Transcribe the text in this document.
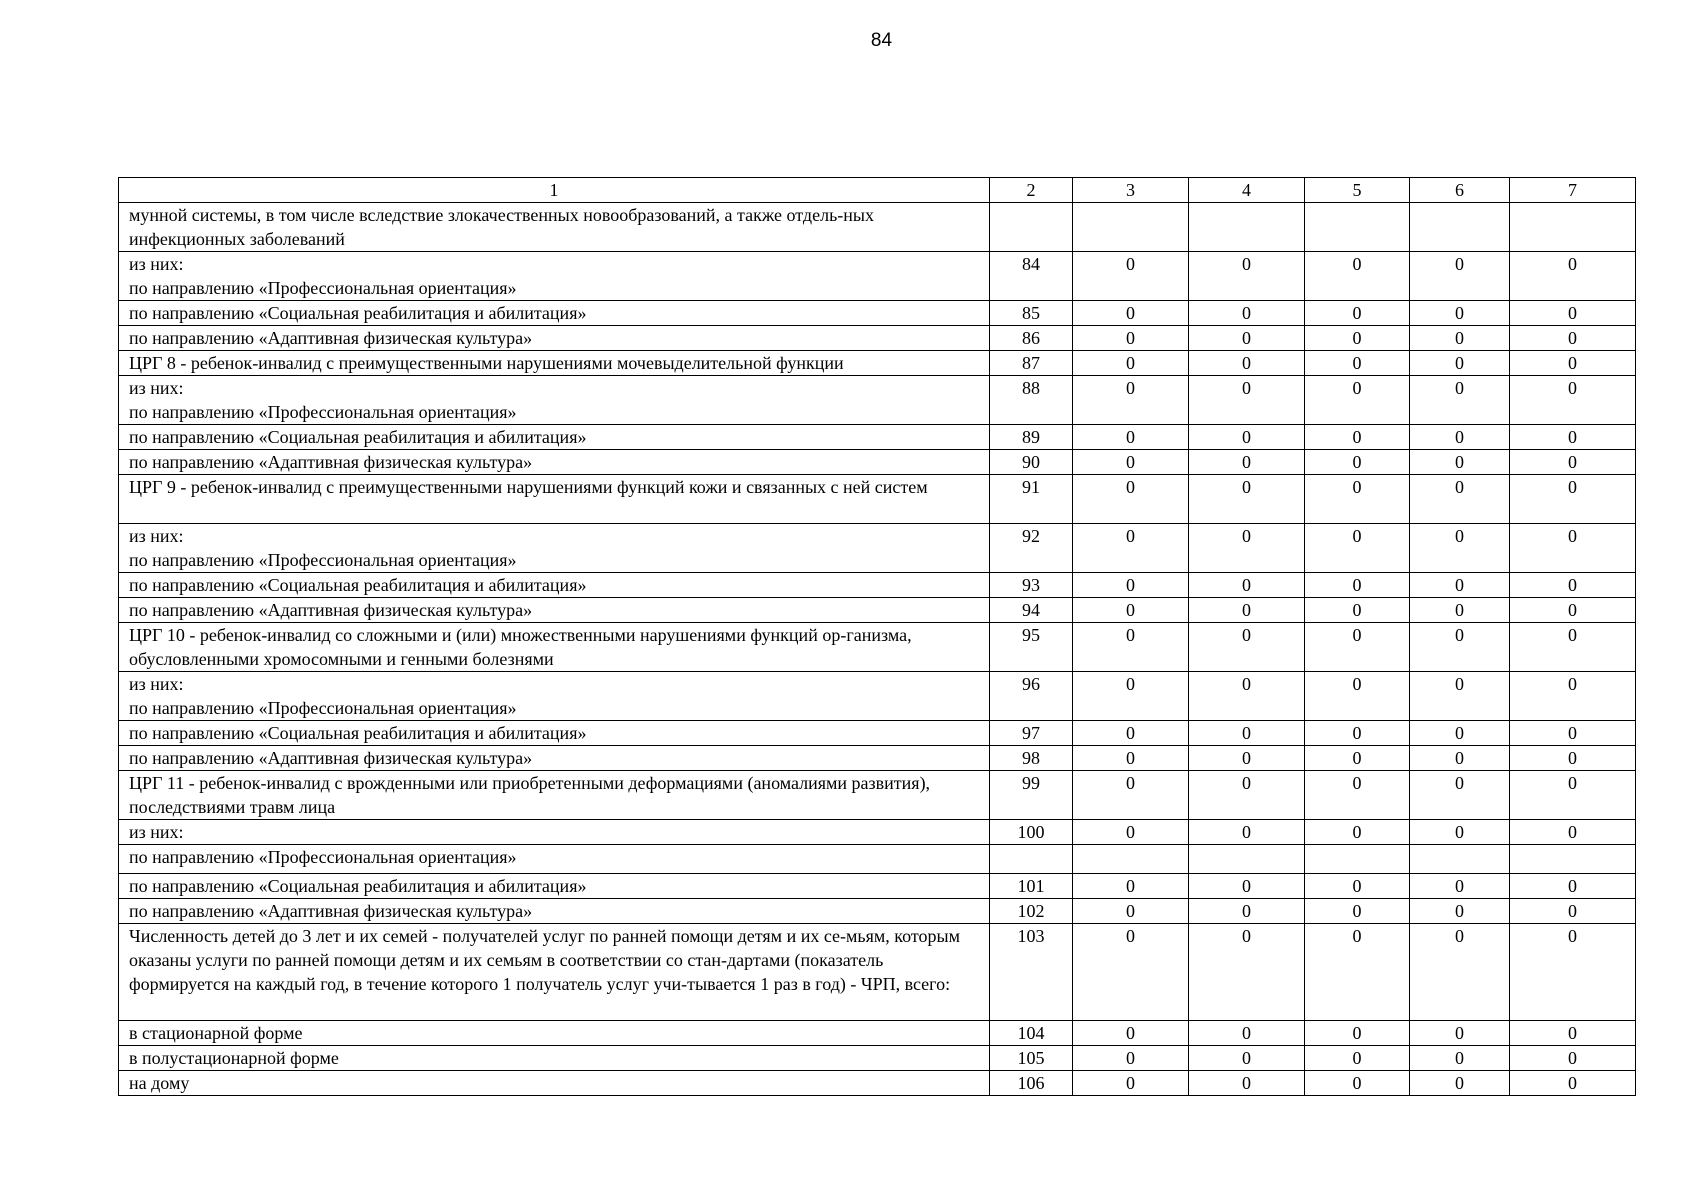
84
1	2	3	4	5	6	7
мунной системы, в том числе вследствие злокачественных новообразований, а также отдель-ных инфекционных заболеваний						
из них:
по направлению «Профессиональная ориентация»	84	0	0	0	0	0
по направлению «Социальная реабилитация и абилитация»	85	0	0	0	0	0
по направлению «Адаптивная физическая культура»	86	0	0	0	0	0
ЦРГ 8 - ребенок-инвалид с преимущественными нарушениями мочевыделительной функции	87	0	0	0	0	0
из них:
по направлению «Профессиональная ориентация»	88	0	0	0	0	0
по направлению «Социальная реабилитация и абилитация»	89	0	0	0	0	0
по направлению «Адаптивная физическая культура»	90	0	0	0	0	0
ЦРГ 9 - ребенок-инвалид с преимущественными нарушениями функций кожи и связанных с ней систем	91	0	0	0	0	0
из них:
по направлению «Профессиональная ориентация»	92	0	0	0	0	0
по направлению «Социальная реабилитация и абилитация»	93	0	0	0	0	0
по направлению «Адаптивная физическая культура»	94	0	0	0	0	0
ЦРГ 10 - ребенок-инвалид со сложными и (или) множественными нарушениями функций ор-ганизма, обусловленными хромосомными и генными болезнями	95	0	0	0	0	0
из них:
по направлению «Профессиональная ориентация»	96	0	0	0	0	0
по направлению «Социальная реабилитация и абилитация»	97	0	0	0	0	0
по направлению «Адаптивная физическая культура»	98	0	0	0	0	0
ЦРГ 11 - ребенок-инвалид с врожденными или приобретенными деформациями (аномалиями развития), последствиями травм лица	99	0	0	0	0	0
из них:	100	0	0	0	0	0
по направлению «Профессиональная ориентация»						
по направлению «Социальная реабилитация и абилитация»	101	0	0	0	0	0
по направлению «Адаптивная физическая культура»	102	0	0	0	0	0
Численность детей до 3 лет и их семей - получателей услуг по ранней помощи детям и их се-мьям, которым оказаны услуги по ранней помощи детям и их семьям в соответствии со стан-дартами (показатель формируется на каждый год, в течение которого 1 получатель услуг учи-тывается 1 раз в год) - ЧРП, всего:	103	0	0	0	0	0
в стационарной форме	104	0	0	0	0	0
в полустационарной форме	105	0	0	0	0	0
на дому	106	0	0	0	0	0
